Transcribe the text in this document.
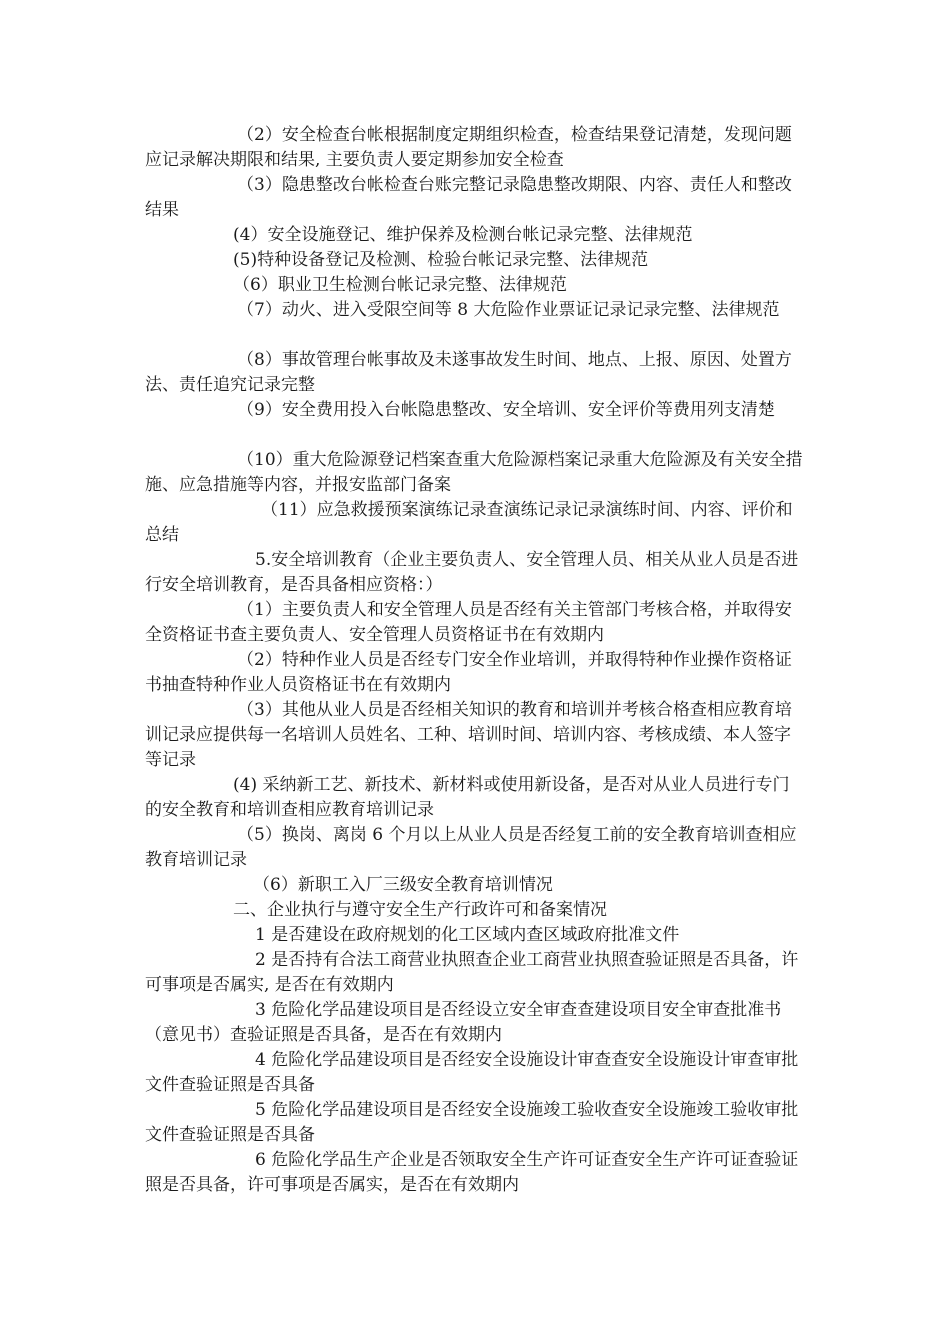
（2）安全检查台帐根据制度定期组织检查，检查结果登记清楚，发现问题应记录解决期限和结果, 主要负责人要定期参加安全检查

（3）隐患整改台帐检查台账完整记录隐患整改期限、内容、责任人和整改结果

(4）安全设施登记、维护保养及检测台帐记录完整、法律规范

(5)特种设备登记及检测、检验台帐记录完整、法律规范

（6）职业卫生检测台帐记录完整、法律规范

（7）动火、进入受限空间等 8 大危险作业票证记录记录完整、法律规范

（8）事故管理台帐事故及未遂事故发生时间、地点、上报、原因、处置方法、责任追究记录完整

（9）安全费用投入台帐隐患整改、安全培训、安全评价等费用列支清楚

（10）重大危险源登记档案查重大危险源档案记录重大危险源及有关安全措施、应急措施等内容，并报安监部门备案

（11）应急救援预案演练记录查演练记录记录演练时间、内容、评价和总结

5.安全培训教育（企业主要负责人、安全管理人员、相关从业人员是否进行安全培训教育，是否具备相应资格：）

（1）主要负责人和安全管理人员是否经有关主管部门考核合格，并取得安全资格证书查主要负责人、安全管理人员资格证书在有效期内

（2）特种作业人员是否经专门安全作业培训，并取得特种作业操作资格证书抽查特种作业人员资格证书在有效期内

（3）其他从业人员是否经相关知识的教育和培训并考核合格查相应教育培训记录应提供每一名培训人员姓名、工种、培训时间、培训内容、考核成绩、本人签字等记录

(4) 采纳新工艺、新技术、新材料或使用新设备，是否对从业人员进行专门的安全教育和培训查相应教育培训记录

（5）换岗、离岗 6 个月以上从业人员是否经复工前的安全教育培训查相应教育培训记录

（6）新职工入厂三级安全教育培训情况

二、企业执行与遵守安全生产行政许可和备案情况

1 是否建设在政府规划的化工区域内查区域政府批准文件

2 是否持有合法工商营业执照查企业工商营业执照查验证照是否具备，许可事项是否属实, 是否在有效期内

3 危险化学品建设项目是否经设立安全审查查建设项目安全审查批准书（意见书）查验证照是否具备，是否在有效期内

4 危险化学品建设项目是否经安全设施设计审查查安全设施设计审查审批文件查验证照是否具备

5 危险化学品建设项目是否经安全设施竣工验收查安全设施竣工验收审批文件查验证照是否具备

6 危险化学品生产企业是否领取安全生产许可证查安全生产许可证查验证照是否具备，许可事项是否属实，是否在有效期内
